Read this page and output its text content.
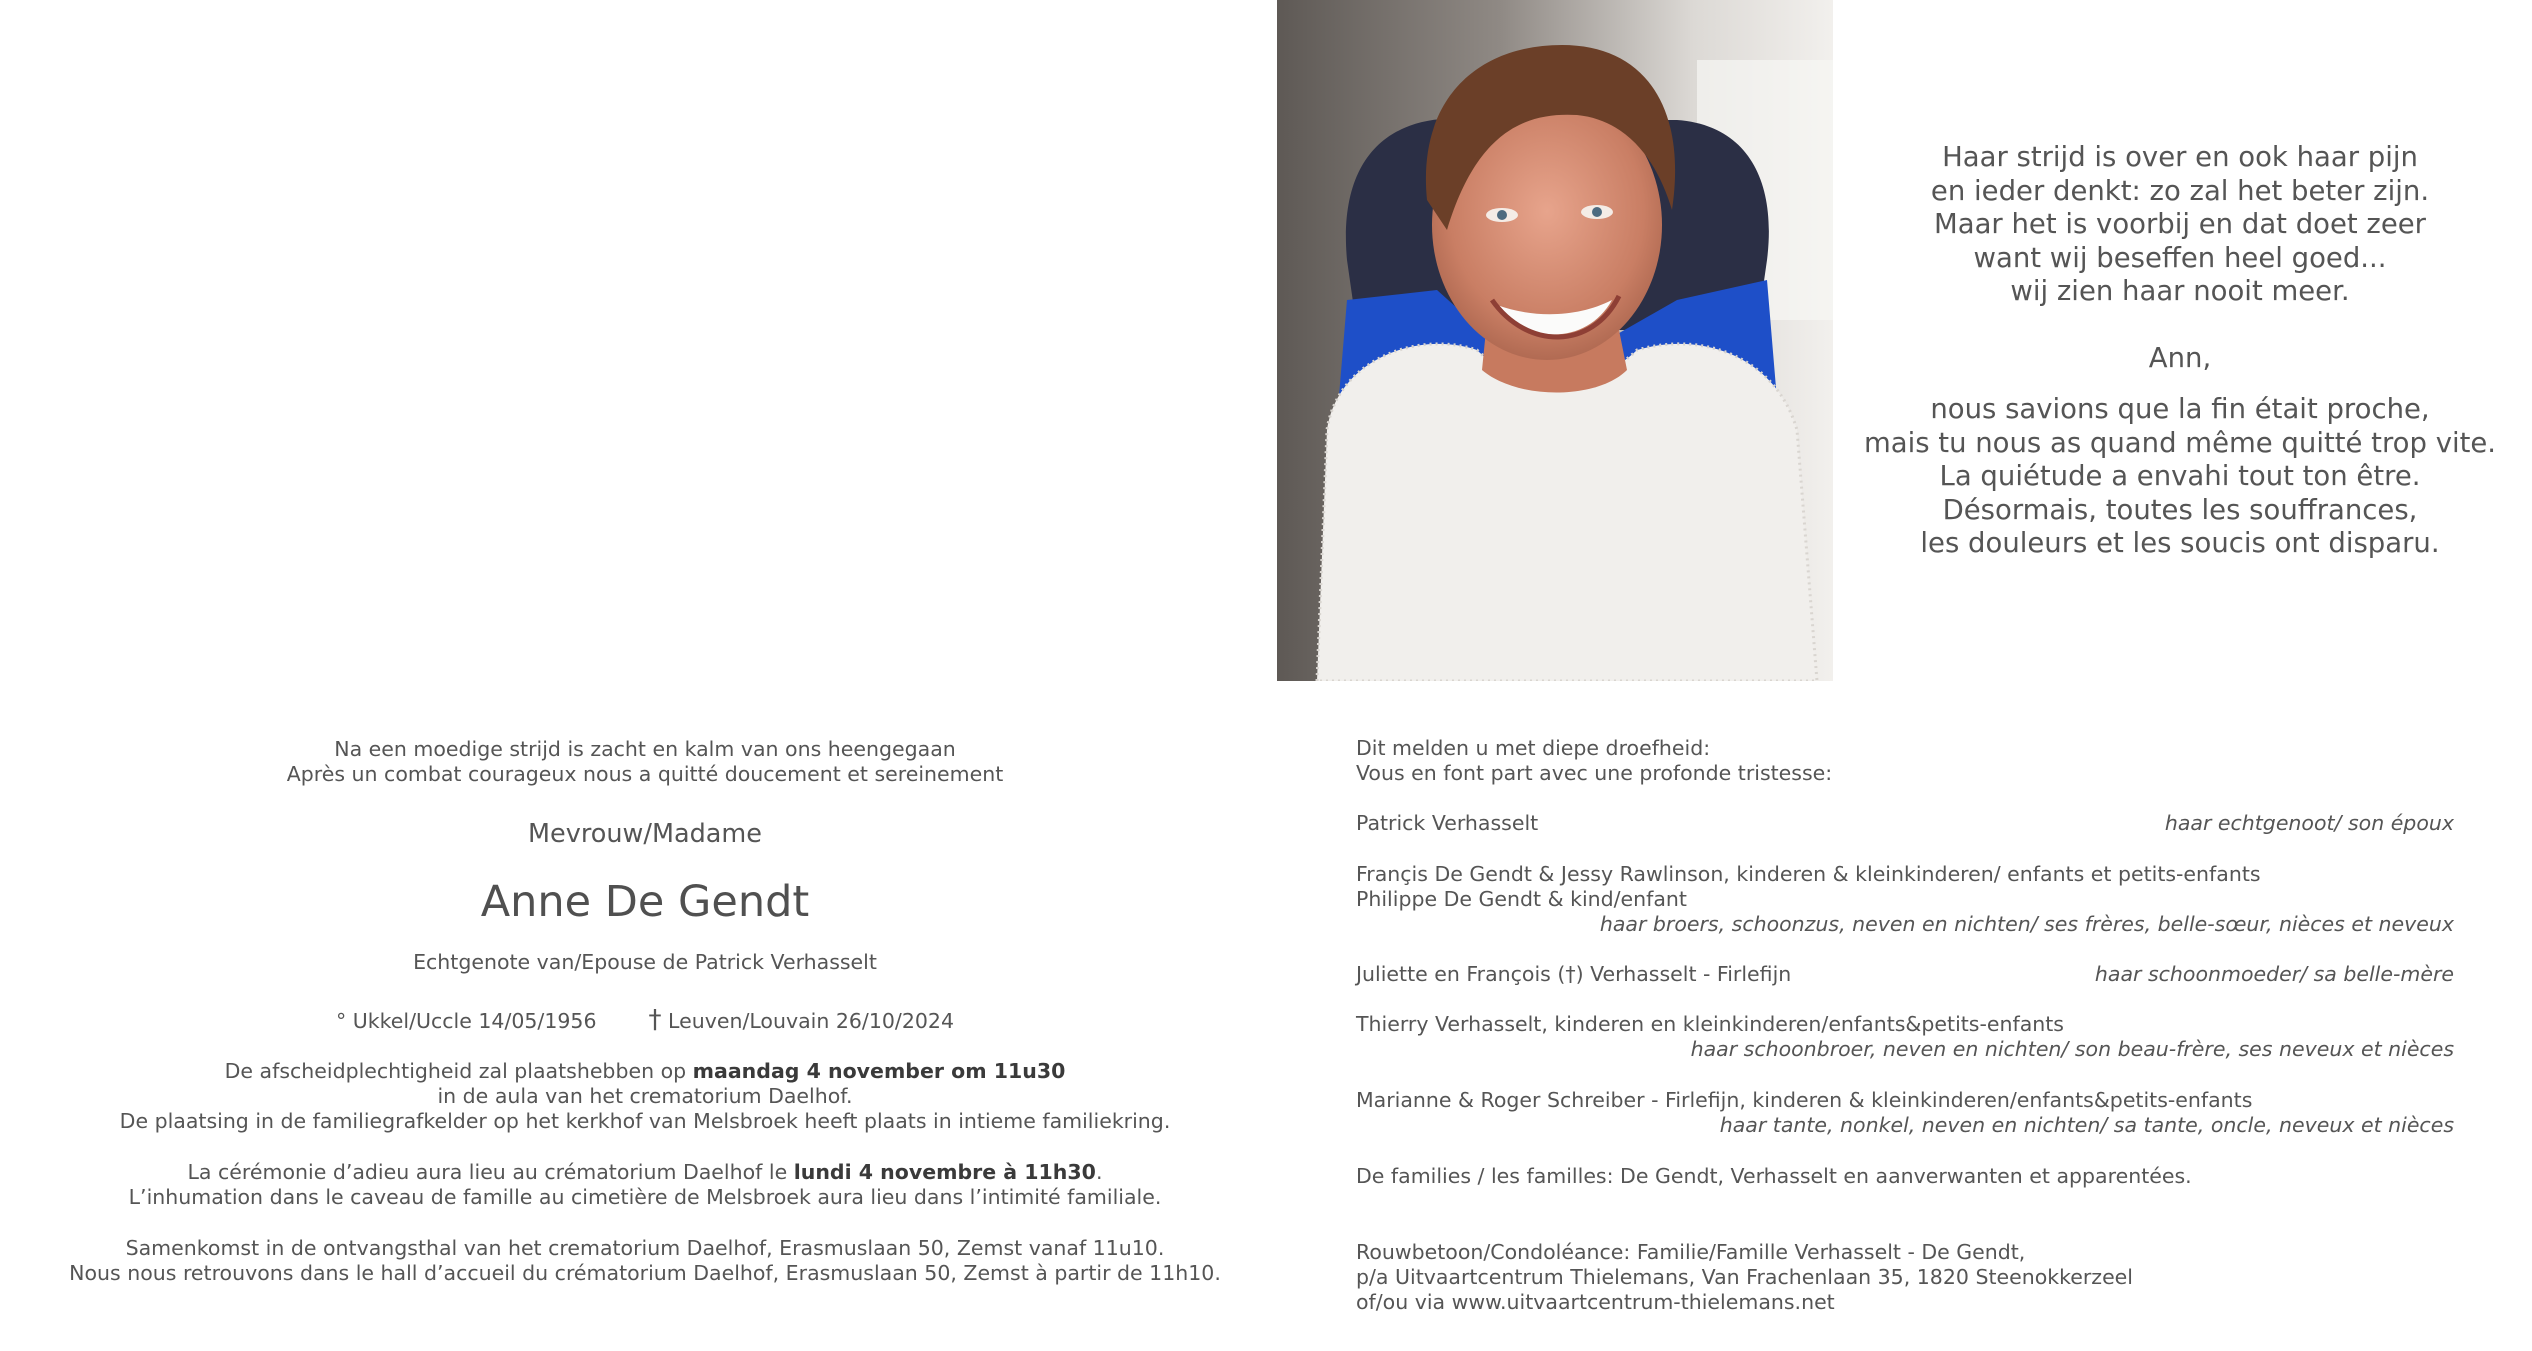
Haar strijd is over en ook haar pijn

en ieder denkt: zo zal het beter zijn.

Maar het is voorbij en dat doet zeer

want wij beseffen heel goed...

wij zien haar nooit meer.

Ann,

nous savions que la fin était proche,

mais tu nous as quand même quitté trop vite.

La quiétude a envahi tout ton être.

Désormais, toutes les souffrances,

les douleurs et les soucis ont disparu.

Na een moedige strijd is zacht en kalm van ons heengegaan
Après un combat courageux nous a quitté doucement et sereinement
Mevrouw/Madame
Anne De Gendt
Echtgenote van/Epouse de Patrick Verhasselt
° Ukkel/Uccle 14/05/1956 † Leuven/Louvain 26/10/2024
De afscheidplechtigheid zal plaatshebben op maandag 4 november om 11u30
in de aula van het crematorium Daelhof.
De plaatsing in de familiegrafkelder op het kerkhof van Melsbroek heeft plaats in intieme familiekring.
La cérémonie d’adieu aura lieu au crématorium Daelhof le lundi 4 novembre à 11h30.
L’inhumation dans le caveau de famille au cimetière de Melsbroek aura lieu dans l’intimité familiale.
Samenkomst in de ontvangsthal van het crematorium Daelhof, Erasmuslaan 50, Zemst vanaf 11u10.
Nous nous retrouvons dans le hall d’accueil du crématorium Daelhof, Erasmuslaan 50, Zemst à partir de 11h10.
Dit melden u met diepe droefheid:
Vous en font part avec une profonde tristesse:
Patrick Verhasselt	haar echtgenoot/ son époux
Françis De Gendt & Jessy Rawlinson, kinderen & kleinkinderen/ enfants et petits-enfants
Philippe De Gendt & kind/enfant
haar broers, schoonzus, neven en nichten/ ses frères, belle-sœur, nièces et neveux
Juliette en François (†) Verhasselt - Firlefijn	haar schoonmoeder/ sa belle-mère
Thierry Verhasselt, kinderen en kleinkinderen/enfants&petits-enfants
haar schoonbroer, neven en nichten/ son beau-frère, ses neveux et nièces
Marianne & Roger Schreiber - Firlefijn, kinderen & kleinkinderen/enfants&petits-enfants
haar tante, nonkel, neven en nichten/ sa tante, oncle, neveux et nièces
De families / les familles: De Gendt, Verhasselt en aanverwanten et apparentées.
Rouwbetoon/Condoléance: Familie/Famille Verhasselt - De Gendt,
p/a Uitvaartcentrum Thielemans, Van Frachenlaan 35, 1820 Steenokkerzeel
of/ou via www.uitvaartcentrum-thielemans.net
